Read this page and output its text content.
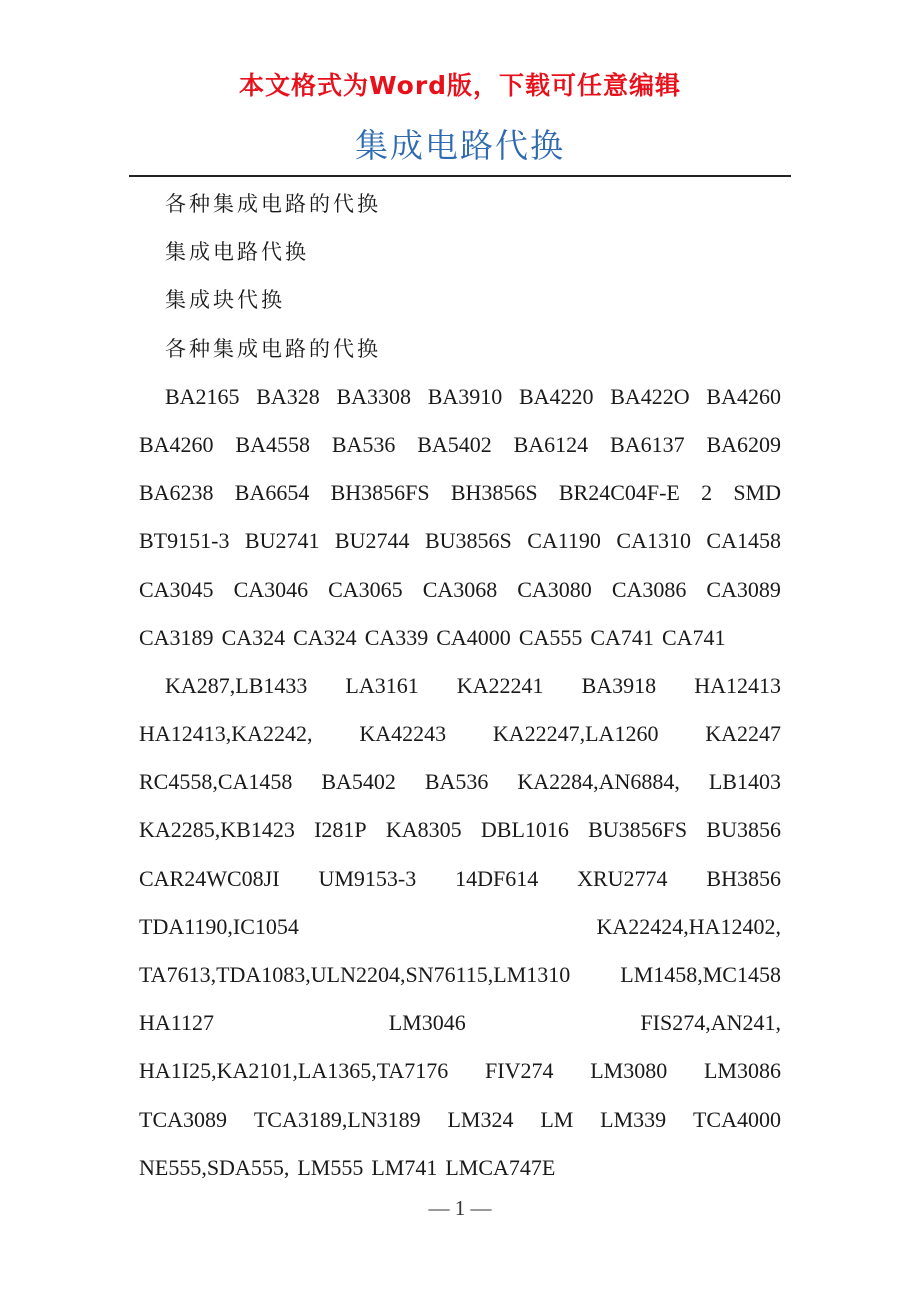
本文格式为Word版，下载可任意编辑
集成电路代换
各种集成电路的代换
集成电路代换
集成块代换
各种集成电路的代换
BA2165 BA328 BA3308 BA3910 BA4220 BA422O BA4260
BA4260 BA4558 BA536 BA5402 BA6124 BA6137 BA6209
BA6238 BA6654 BH3856FS BH3856S BR24C04F-E 2 SMD
BT9151-3 BU2741 BU2744 BU3856S CA1190 CA1310 CA1458
CA3045 CA3046 CA3065 CA3068 CA3080 CA3086 CA3089
CA3189 CA324 CA324 CA339 CA4000 CA555 CA741 CA741
KA287,LB1433 LA3161 KA22241 BA3918 HA12413
HA12413,KA2242, KA42243 KA22247,LA1260 KA2247
RC4558,CA1458 BA5402 BA536 KA2284,AN6884, LB1403
KA2285,KB1423 I281P KA8305 DBL1016 BU3856FS BU3856
CAR24WC08JI UM9153-3 14DF614 XRU2774 BH3856
TDA1190,IC1054	KA22424,HA12402,
TA7613,TDA1083,ULN2204,SN76115,LM1310 LM1458,MC1458
HA1127	LM3046	FIS274,AN241,
HA1I25,KA2101,LA1365,TA7176 FIV274 LM3080 LM3086
TCA3089 TCA3189,LN3189 LM324 LM LM339 TCA4000
NE555,SDA555, LM555 LM741 LMCA747E
— 1 —
